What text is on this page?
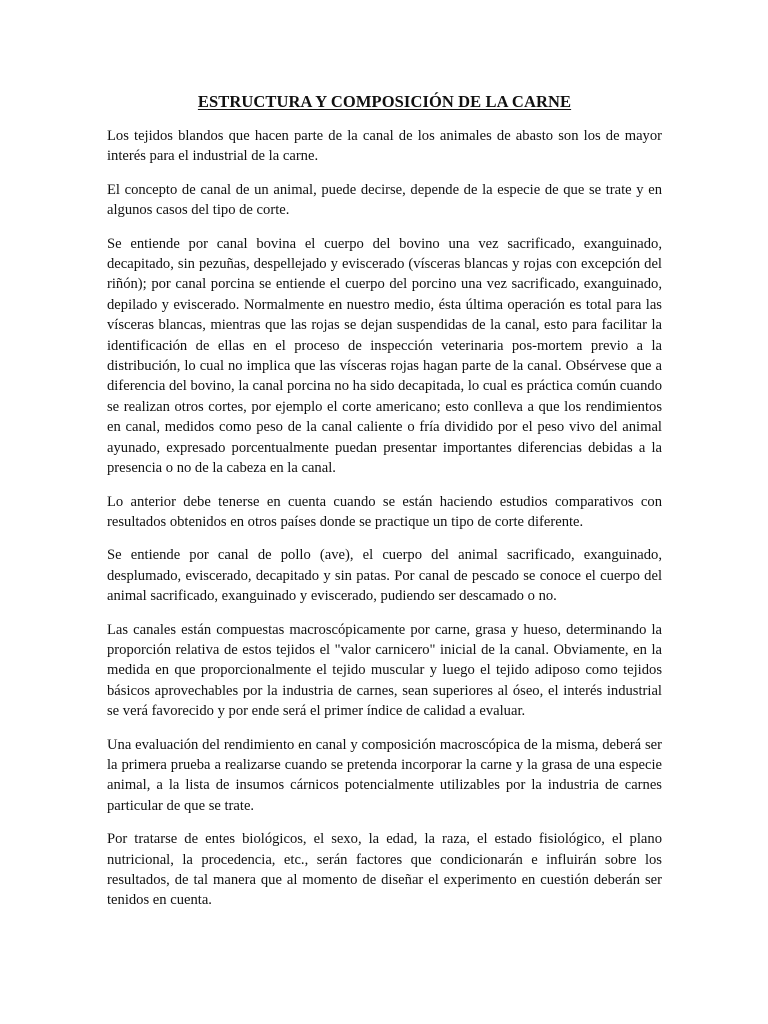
ESTRUCTURA Y COMPOSICIÓN DE LA CARNE

Los tejidos blandos que hacen parte de la canal de los animales de abasto son los de mayor interés para el industrial de la carne.

El concepto de canal de un animal, puede decirse, depende de la especie de que se trate y en algunos casos del tipo de corte.

Se entiende por canal bovina el cuerpo del bovino una vez sacrificado, exanguinado, decapitado, sin pezuñas, despellejado y eviscerado (vísceras blancas y rojas con excepción del riñón); por canal porcina se entiende el cuerpo del porcino una vez sacrificado, exanguinado, depilado y eviscerado. Normalmente en nuestro medio, ésta última operación es total para las vísceras blancas, mientras que las rojas se dejan suspendidas de la canal, esto para facilitar la identificación de ellas en el proceso de inspección veterinaria pos-mortem previo a la distribución, lo cual no implica que las vísceras rojas hagan parte de la canal. Obsérvese que a diferencia del bovino, la canal porcina no ha sido decapitada, lo cual es práctica común cuando se realizan otros cortes, por ejemplo el corte americano; esto conlleva a que los rendimientos en canal, medidos como peso de la canal caliente o fría dividido por el peso vivo del animal ayunado, expresado porcentualmente puedan presentar importantes diferencias debidas a la presencia o no de la cabeza en la canal.

Lo anterior debe tenerse en cuenta cuando se están haciendo estudios comparativos con resultados obtenidos en otros países donde se practique un tipo de corte diferente.

Se entiende por canal de pollo (ave), el cuerpo del animal sacrificado, exanguinado, desplumado, eviscerado, decapitado y sin patas. Por canal de pescado se conoce el cuerpo del animal sacrificado, exanguinado y eviscerado, pudiendo ser descamado o no.

Las canales están compuestas macroscópicamente por carne, grasa y hueso, determinando la proporción relativa de estos tejidos el "valor carnicero" inicial de la canal. Obviamente, en la medida en que proporcionalmente el tejido muscular y luego el tejido adiposo como tejidos básicos aprovechables por la industria de carnes, sean superiores al óseo, el interés industrial se verá favorecido y por ende será el primer índice de calidad a evaluar.

Una evaluación del rendimiento en canal y composición macroscópica de la misma, deberá ser la primera prueba a realizarse cuando se pretenda incorporar la carne y la grasa de una especie animal, a la lista de insumos cárnicos potencialmente utilizables por la industria de carnes particular de que se trate.

Por tratarse de entes biológicos, el sexo, la edad, la raza, el estado fisiológico, el plano nutricional, la procedencia, etc., serán factores que condicionarán e influirán sobre los resultados, de tal manera que al momento de diseñar el experimento en cuestión deberán ser tenidos en cuenta.
